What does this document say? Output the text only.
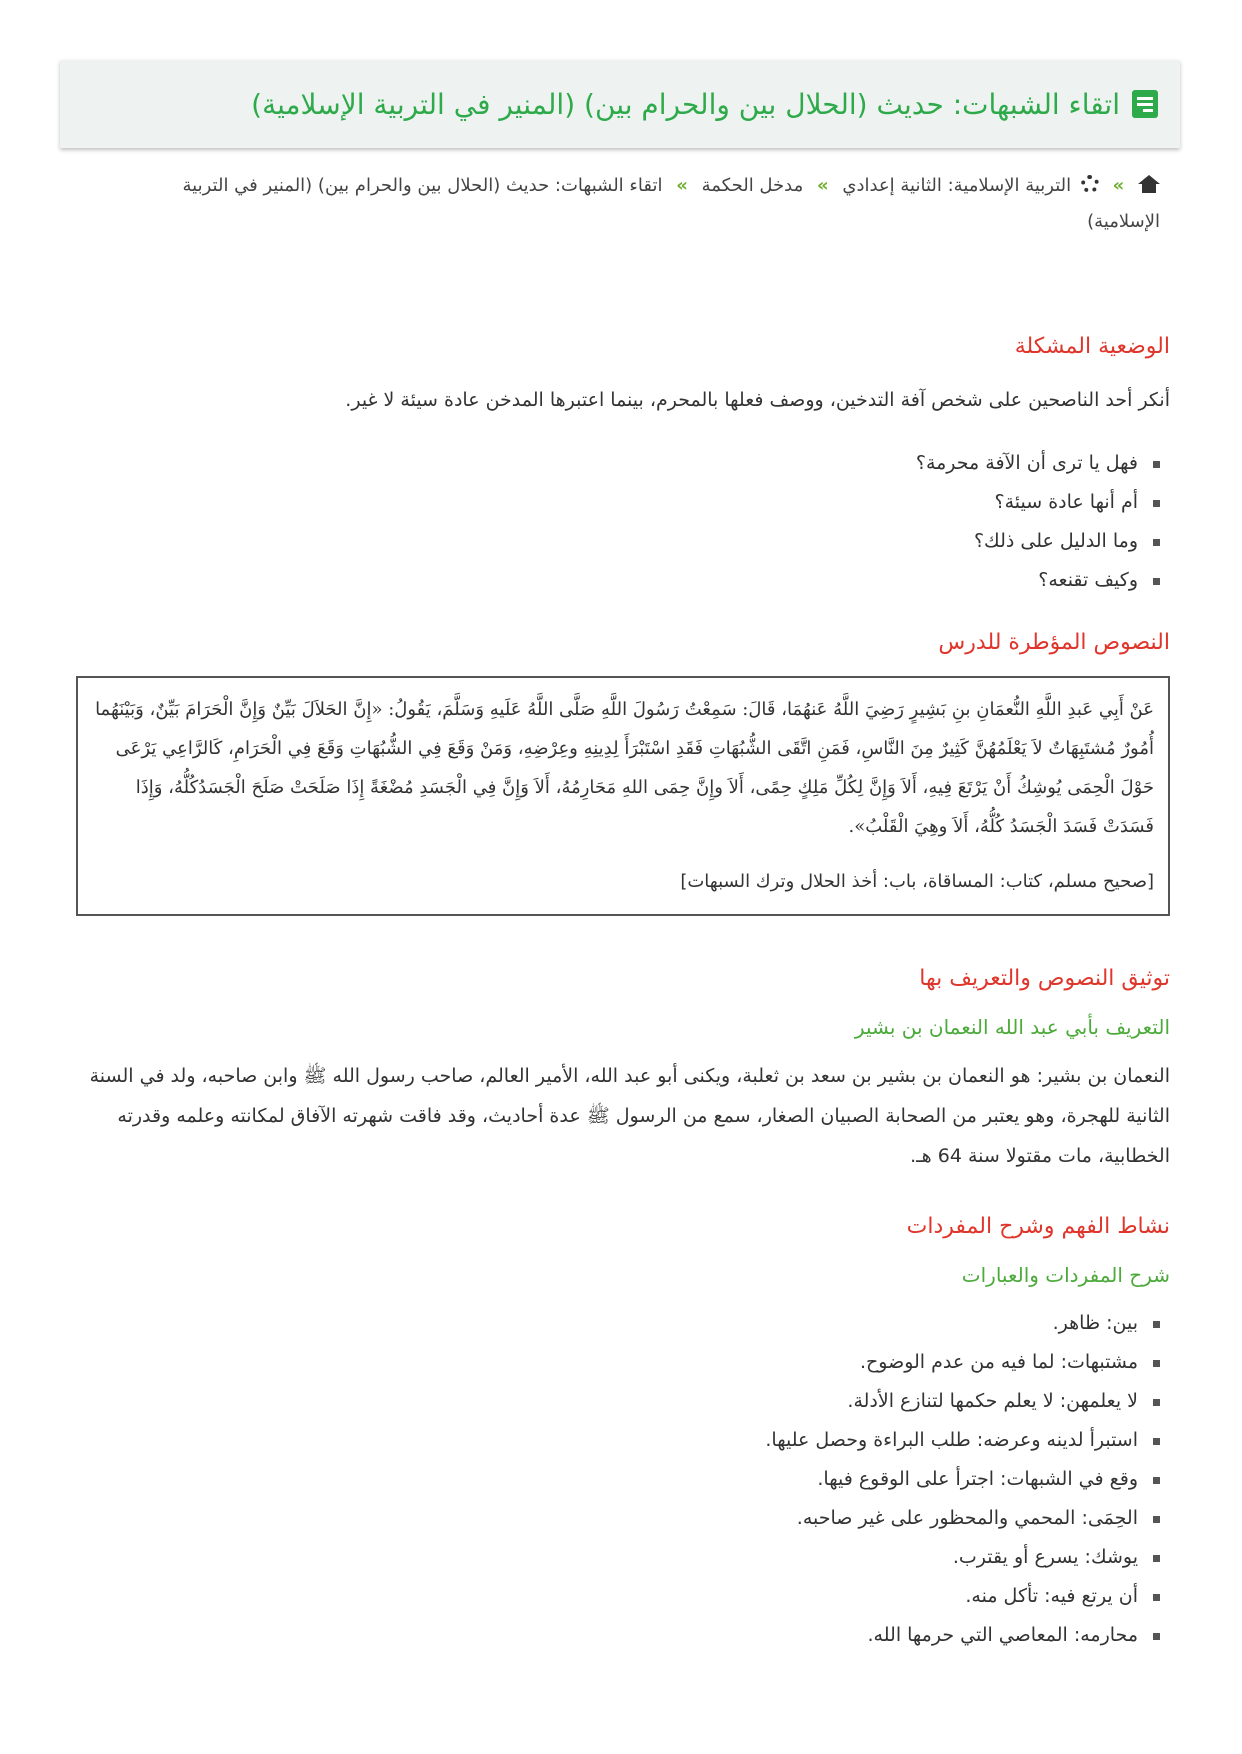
اتقاء الشبهات: حديث (الحلال بين والحرام بين) (المنير في التربية الإسلامية)
»  التربية الإسلامية: الثانية إعدادي » مدخل الحكمة » اتقاء الشبهات: حديث (الحلال بين والحرام بين) (المنير في التربية الإسلامية)
الوضعية المشكلة

أنكر أحد الناصحين على شخص آفة التدخين، ووصف فعلها بالمحرم، بينما اعتبرها المدخن عادة سيئة لا غير.

فهل يا ترى أن الآفة محرمة؟
أم أنها عادة سيئة؟
وما الدليل على ذلك؟
وكيف تقنعه؟
النصوص المؤطرة للدرس
عَنْ أَبِي عَبدِ اللَّهِ النُّعمَانِ بنِ بَشِيرٍ رَضِيَ اللَّهُ عَنهُمَا، قَالَ: سَمِعْتُ رَسُولَ اللَّهِ صَلَّى اللَّهُ عَلَيهِ وَسَلَّمَ، يَقُولُ: «إِنَّ الحَلاَلَ بَيِّنٌ وَإِنَّ الْحَرَامَ بَيِّنٌ، وَبَيْنَهُما أُمُورٌ مُشتَبِهَاتٌ لاَ يَعْلَمُهُنَّ كَثِيرٌ مِنَ النَّاسِ، فَمَنِ اتَّقَى الشُّبُهَاتِ فَقَدِ اسْتَبْرَأَ لِدِينِهِ وعِرْضِهِ، وَمَنْ وَقَعَ فِي الشُّبُهَاتِ وَقَعَ فِي الْحَرَامِ، كَالرَّاعِي يَرْعَى حَوْلَ الْحِمَى يُوشِكُ أَنْ يَرْتَعَ فِيهِ، أَلاَ وَإِنَّ لِكُلِّ مَلِكٍ حِمًى، أَلاَ وإِنَّ حِمَى اللهِ مَحَارِمُهُ، أَلاَ وَإِنَّ فِي الْجَسَدِ مُضْغَةً إِذَا صَلَحَتْ صَلَحَ الْجَسَدُكُلُّهُ، وَإِذَا فَسَدَتْ فَسَدَ الْجَسَدُ كُلُّهُ، أَلاَ وهِيَ الْقَلْبُ».
[صحيح مسلم، كتاب: المساقاة، باب: أخذ الحلال وترك السبهات]
توثيق النصوص والتعريف بها
التعريف بأبي عبد الله النعمان بن بشير

النعمان بن بشير: هو النعمان بن بشير بن سعد بن ثعلبة، ويكنى أبو عبد الله، الأمير العالم، صاحب رسول الله ﷺ وابن صاحبه، ولد في السنة الثانية للهجرة، وهو يعتبر من الصحابة الصبيان الصغار، سمع من الرسول ﷺ عدة أحاديث، وقد فاقت شهرته الآفاق لمكانته وعلمه وقدرته الخطابية، مات مقتولا سنة 64 هـ.

نشاط الفهم وشرح المفردات
شرح المفردات والعبارات
بين: ظاهر.
مشتبهات: لما فيه من عدم الوضوح.
لا يعلمهن: لا يعلم حكمها لتنازع الأدلة.
استبرأ لدينه وعرضه: طلب البراءة وحصل عليها.
وقع في الشبهات: اجترأ على الوقوع فيها.
الحِمَى: المحمي والمحظور على غير صاحبه.
يوشك: يسرع أو يقترب.
أن يرتع فيه: تأكل منه.
محارمه: المعاصي التي حرمها الله.
